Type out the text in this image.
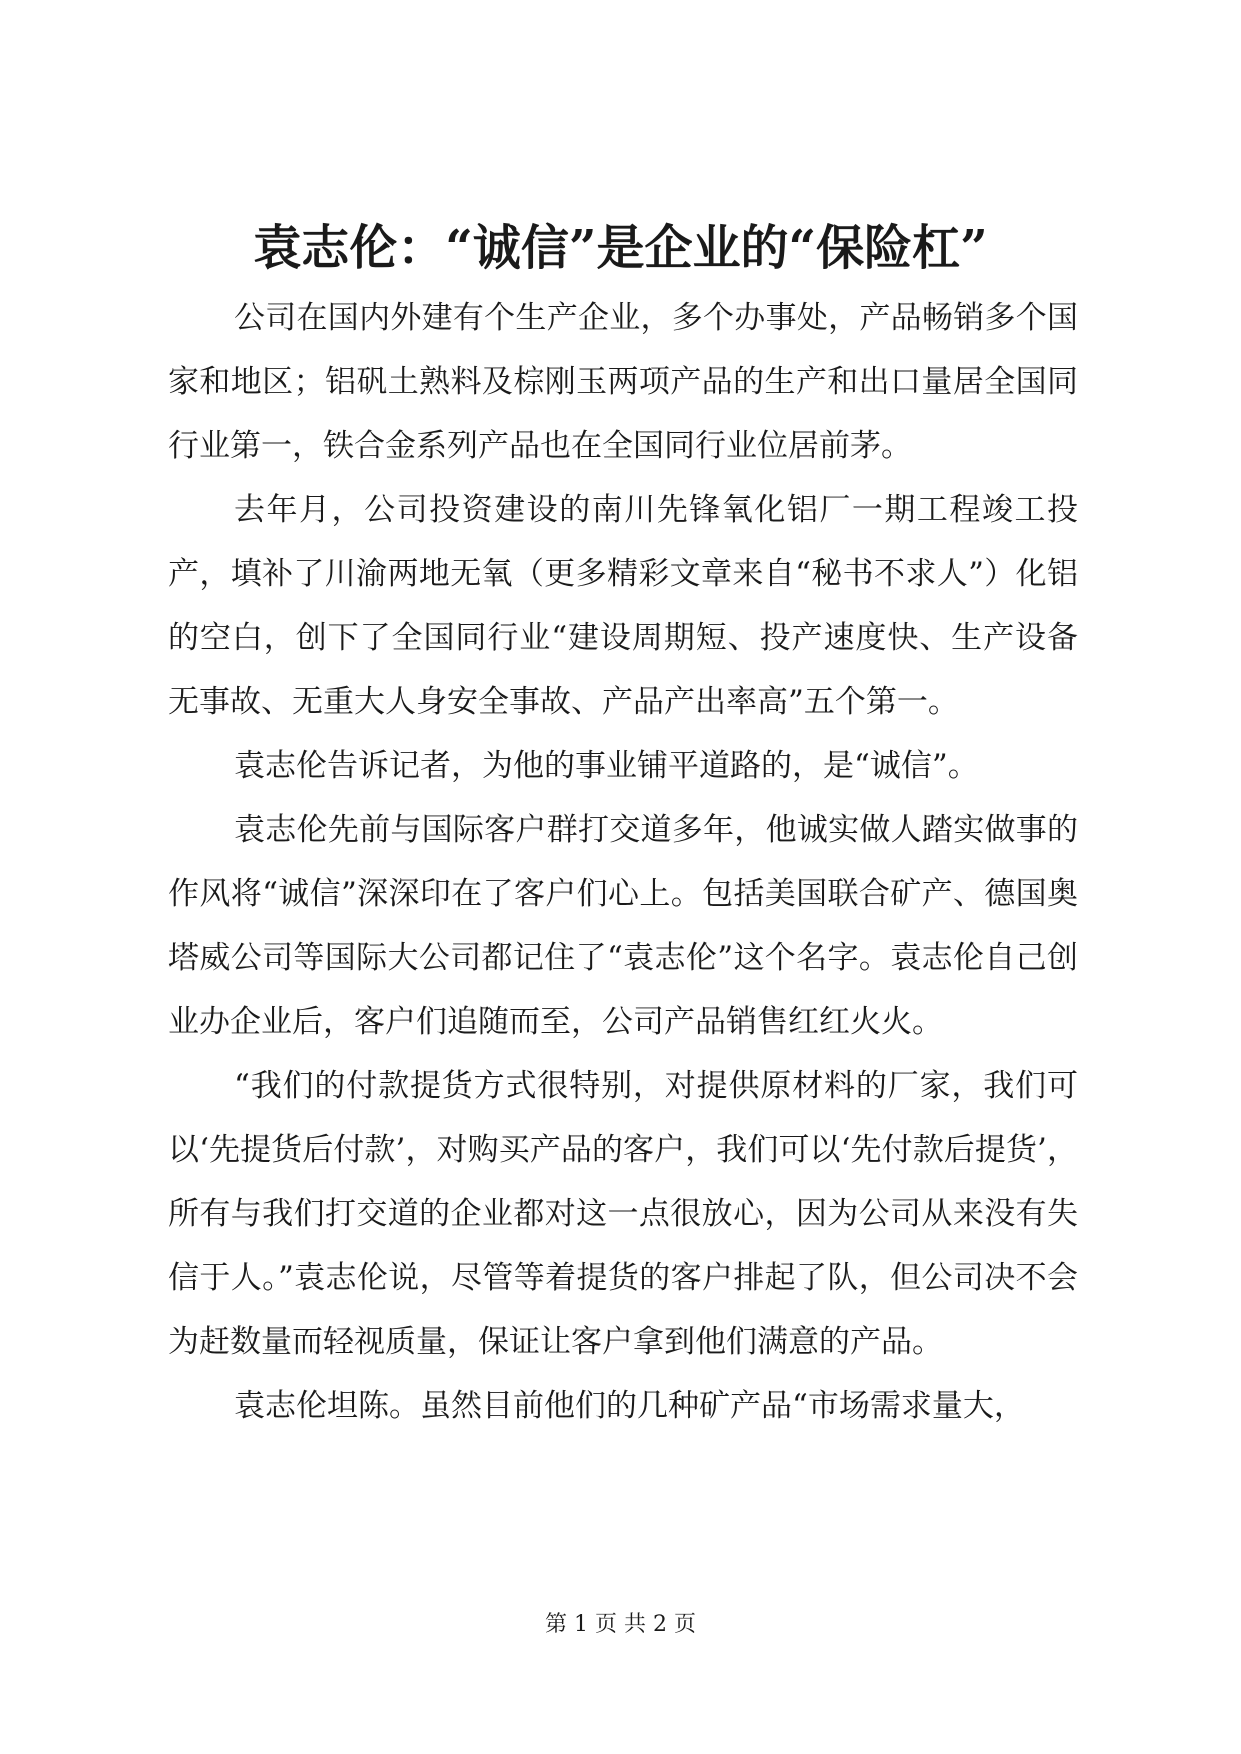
袁志伦：“诚信”是企业的“保险杠”

公司在国内外建有个生产企业，多个办事处，产品畅销多个国家和地区；铝矾土熟料及棕刚玉两项产品的生产和出口量居全国同行业第一，铁合金系列产品也在全国同行业位居前茅。

去年月，公司投资建设的南川先锋氧化铝厂一期工程竣工投产，填补了川渝两地无氧（更多精彩文章来自“秘书不求人”）化铝的空白，创下了全国同行业“建设周期短、投产速度快、生产设备无事故、无重大人身安全事故、产品产出率高”五个第一。

袁志伦告诉记者，为他的事业铺平道路的，是“诚信”。

袁志伦先前与国际客户群打交道多年，他诚实做人踏实做事的作风将“诚信”深深印在了客户们心上。包括美国联合矿产、德国奥塔威公司等国际大公司都记住了“袁志伦”这个名字。袁志伦自己创业办企业后，客户们追随而至，公司产品销售红红火火。

“我们的付款提货方式很特别，对提供原材料的厂家，我们可以‘先提货后付款’，对购买产品的客户，我们可以‘先付款后提货’，所有与我们打交道的企业都对这一点很放心，因为公司从来没有失信于人。”袁志伦说，尽管等着提货的客户排起了队，但公司决不会为赶数量而轻视质量，保证让客户拿到他们满意的产品。

袁志伦坦陈。虽然目前他们的几种矿产品“市场需求量大，

第 1 页 共 2 页
